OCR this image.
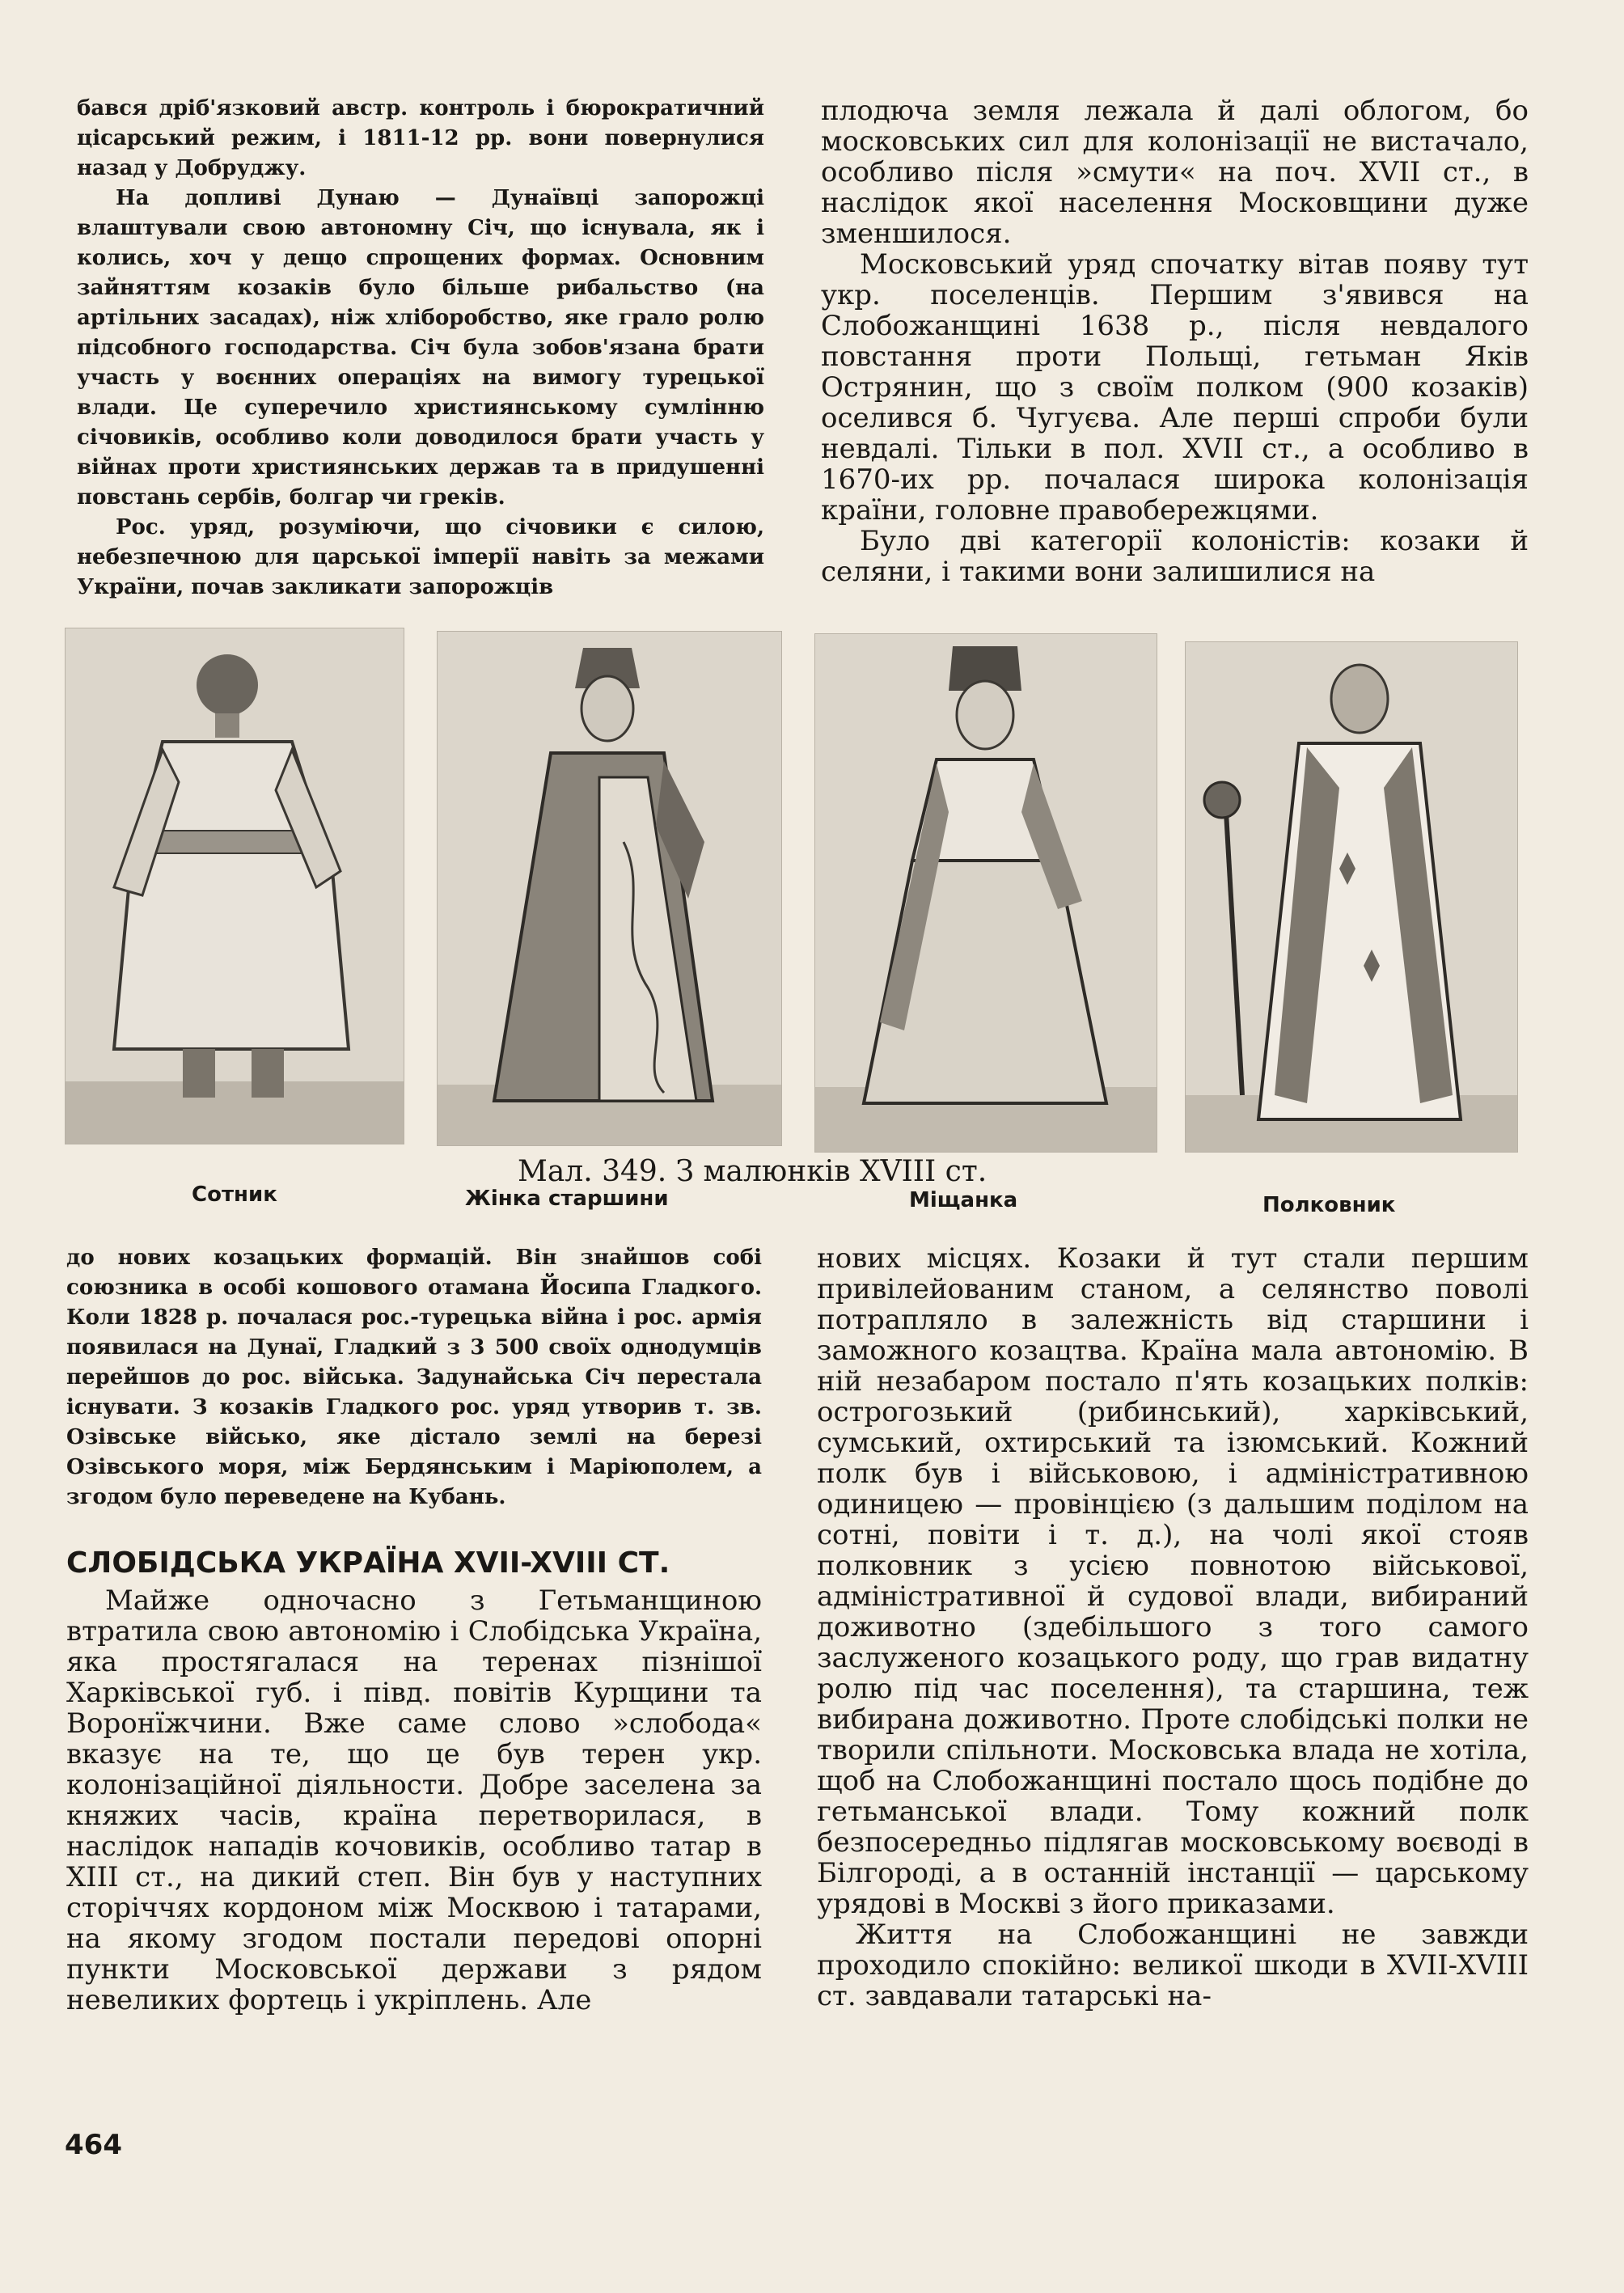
бався дріб'язковий австр. контроль і бюрократичний цісарський режим, і 1811-12 рр. вони повернулися назад у Добруджу.

На допливі Дунаю — Дунаївці запорожці влаштували свою автономну Січ, що існувала, як і колись, хоч у дещо спрощених формах. Основним зайняттям козаків було більше рибальство (на артільних засадах), ніж хліборобство, яке грало ролю підсобного господарства. Січ була зобов'язана брати участь у воєнних операціях на вимогу турецької влади. Це суперечило християнському сумлінню січовиків, особливо коли доводилося брати участь у війнах проти християнських держав та в придушенні повстань сербів, болгар чи греків.

Рос. уряд, розуміючи, що січовики є силою, небезпечною для царської імперії навіть за межами України, почав закликати запорожців

плодюча земля лежала й далі облогом, бо московських сил для колонізації не вистачало, особливо після »смути« на поч. XVII ст., в наслідок якої населення Московщини дуже зменшилося.

Московський уряд спочатку вітав появу тут укр. поселенців. Першим з'явився на Слобожанщині 1638 р., після невдалого повстання проти Польщі, гетьман Яків Острянин, що з своїм полком (900 козаків) оселився б. Чугуєва. Але перші спроби були невдалі. Тільки в пол. XVII ст., а особливо в 1670-их рр. почалася широка колонізація країни, головне правобережцями.

Було дві категорії колоністів: козаки й селяни, і такими вони залишилися на

Мал. 349. З малюнків XVIII ст.
Сотник	Жінка старшини	Міщанка	Полковник

до нових козацьких формацій. Він знайшов собі союзника в особі кошового отамана Йосипа Гладкого. Коли 1828 р. почалася рос.-турецька війна і рос. армія появилася на Дунаї, Гладкий з 3 500 своїх однодумців перейшов до рос. війська. Задунайська Січ перестала існувати. З козаків Гладкого рос. уряд утворив т. зв. Озівське військо, яке дістало землі на березі Озівського моря, між Бердянським і Маріюполем, а згодом було переведене на Кубань.

СЛОБІДСЬКА УКРАЇНА XVII-XVIII СТ.

Майже одночасно з Гетьманщиною втратила свою автономію і Слобідська Україна, яка простягалася на теренах пізнішої Харківської губ. і півд. повітів Курщини та Воронїжчини. Вже саме слово »слобода« вказує на те, що це був терен укр. колонізаційної діяльности. Добре заселена за княжих часів, країна перетворилася, в наслідок нападів кочовиків, особливо татар в XIII ст., на дикий степ. Він був у наступних сторіччях кордоном між Москвою і татарами, на якому згодом постали передові опорні пункти Московської держави з рядом невеликих фортець і укріплень. Але

нових місцях. Козаки й тут стали першим привілейованим станом, а селянство поволі потрапляло в залежність від старшини і заможного козацтва. Країна мала автономію. В ній незабаром постало п'ять козацьких полків: острогозький (рибинський), харківський, сумський, охтирський та ізюмський. Кожний полк був і військовою, і адміністративною одиницею — провінцією (з дальшим поділом на сотні, повіти і т. д.), на чолі якої стояв полковник з усією повнотою військової, адміністративної й судової влади, вибираний доживотно (здебільшого з того самого заслуженого козацького роду, що грав видатну ролю під час поселення), та старшина, теж вибирана доживотно. Проте слобідські полки не творили спільноти. Московська влада не хотіла, щоб на Слобожанщині постало щось подібне до гетьманської влади. Тому кожний полк безпосередньо підлягав московському воєводі в Білгороді, а в останній інстанції — царському урядові в Москві з його приказами.

Життя на Слобожанщині не завжди проходило спокійно: великої шкоди в XVII-XVIII ст. завдавали татарські на-

464
